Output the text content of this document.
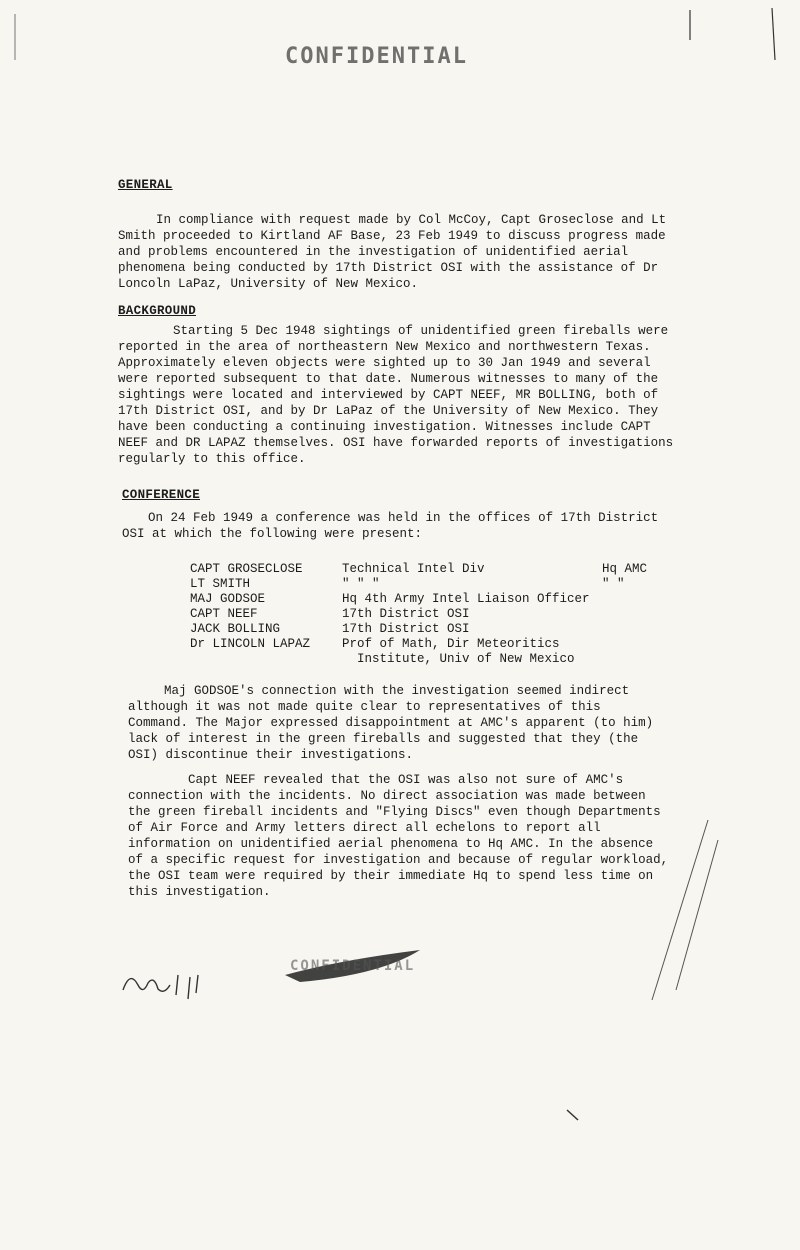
CONFIDENTIAL
GENERAL

In compliance with request made by Col McCoy, Capt Groseclose and Lt Smith proceeded to Kirtland AF Base, 23 Feb 1949 to discuss progress made and problems encountered in the investigation of unidentified aerial phenomena being conducted by 17th District OSI with the assistance of Dr Loncoln LaPaz, University of New Mexico.

BACKGROUND

Starting 5 Dec 1948 sightings of unidentified green fireballs were reported in the area of northeastern New Mexico and northwestern Texas. Approximately eleven objects were sighted up to 30 Jan 1949 and several were reported subsequent to that date. Numerous witnesses to many of the sightings were located and interviewed by CAPT NEEF, MR BOLLING, both of 17th District OSI, and by Dr LaPaz of the University of New Mexico. They have been conducting a continuing investigation. Witnesses include CAPT NEEF and DR LAPAZ themselves. OSI have forwarded reports of investigations regularly to this office.

CONFERENCE

On 24 Feb 1949 a conference was held in the offices of 17th District OSI at which the following were present:

CAPT GROSECLOSE	Technical Intel Div	Hq AMC
LT SMITH	" " "	" "
MAJ GODSOE	Hq 4th Army Intel Liaison Officer
CAPT NEEF	17th District OSI
JACK BOLLING	17th District OSI
Dr LINCOLN LAPAZ	Prof of Math, Dir Meteoritics
Institute, Univ of New Mexico

Maj GODSOE's connection with the investigation seemed indirect although it was not made quite clear to representatives of this Command. The Major expressed disappointment at AMC's apparent (to him) lack of interest in the green fireballs and suggested that they (the OSI) discontinue their investigations.

Capt NEEF revealed that the OSI was also not sure of AMC's connection with the incidents. No direct association was made between the green fireball incidents and "Flying Discs" even though Departments of Air Force and Army letters direct all echelons to report all information on unidentified aerial phenomena to Hq AMC. In the absence of a specific request for investigation and because of regular workload, the OSI team were required by their immediate Hq to spend less time on this investigation.

CONFIDENTIAL
